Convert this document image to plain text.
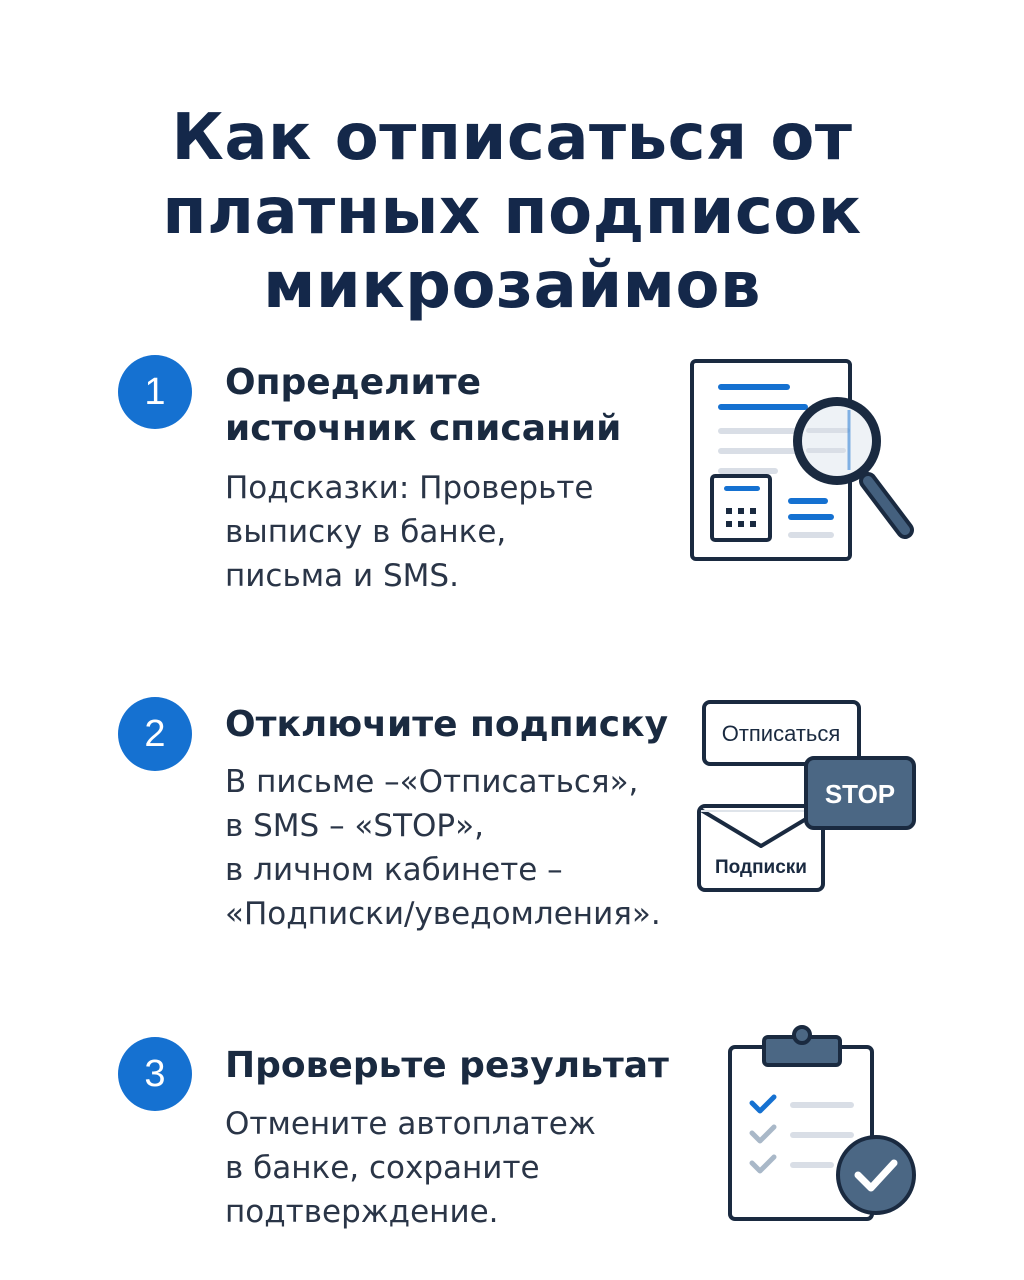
Как отписаться от
платных подписок
микрозаймов
1	Определите
источник списаний
Подсказки: Проверьте
выписку в банке,
письма и SMS.
2	Отключите подписку
В письме –«Отписаться»,
в SMS – «STOP»,
в личном кабинете –
«Подписки/уведомления».
Отписаться
Подписки
STOP
3	Проверьте результат
Отмените автоплатеж
в банке, сохраните
подтверждение.
